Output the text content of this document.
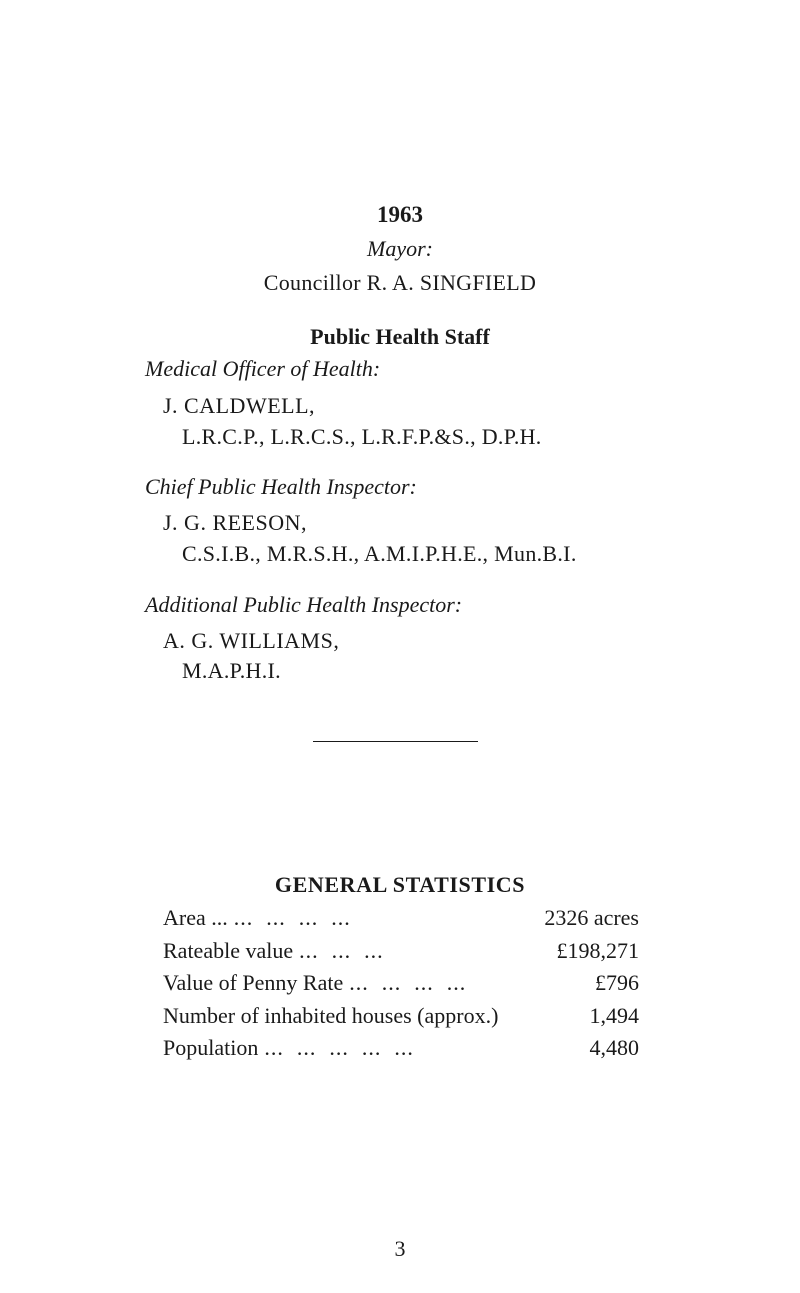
1963
Mayor:
Councillor R. A. SINGFIELD
Public Health Staff
Medical Officer of Health:
J. CALDWELL,
L.R.C.P., L.R.C.S., L.R.F.P.&S., D.P.H.
Chief Public Health Inspector:
J. G. REESON,
C.S.I.B., M.R.S.H., A.M.I.P.H.E., Mun.B.I.
Additional Public Health Inspector:
A. G. WILLIAMS,
M.A.P.H.I.
GENERAL STATISTICS
Area ... ...  ...  ...  ...	2326 acres
Rateable value ...  ...  ...	£198,271
Value of Penny Rate ...  ...  ...  ...	£796
Number of inhabited houses (approx.)	1,494
Population ...  ...  ...  ...  ...	4,480
3
